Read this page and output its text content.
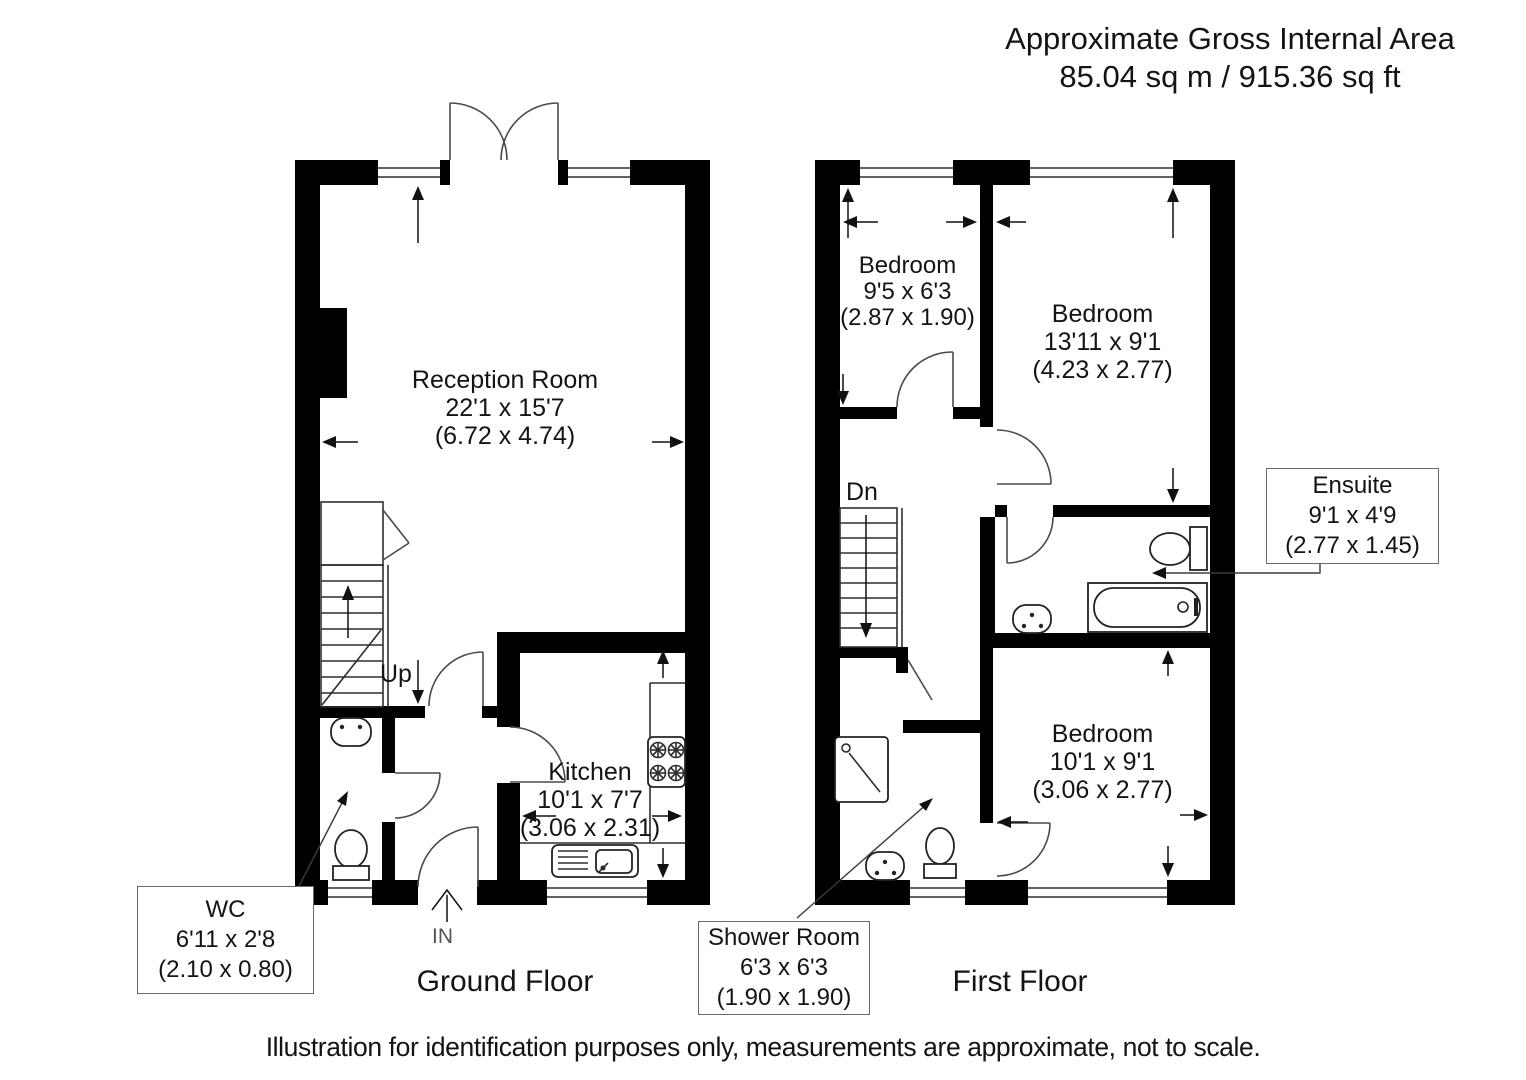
Approximate Gross Internal Area
85.04 sq m / 915.36 sq ft
Reception Room
22'1 x 15'7
(6.72 x 4.74)
Kitchen
10'1 x 7'7
(3.06 x 2.31)
WC
6'11 x 2'8
(2.10 x 0.80)
Shower Room
6'3 x 6'3
(1.90 x 1.90)
Ensuite
9'1 x 4'9
(2.77 x 1.45)
Bedroom
9'5 x 6'3
(2.87 x 1.90)	Bedroom
13'11 x 9'1
(4.23 x 2.77)
Bedroom
10'1 x 9'1
(3.06 x 2.77)
Up
Dn
IN
Ground Floor	First Floor
Illustration for identification purposes only, measurements are approximate, not to scale.
